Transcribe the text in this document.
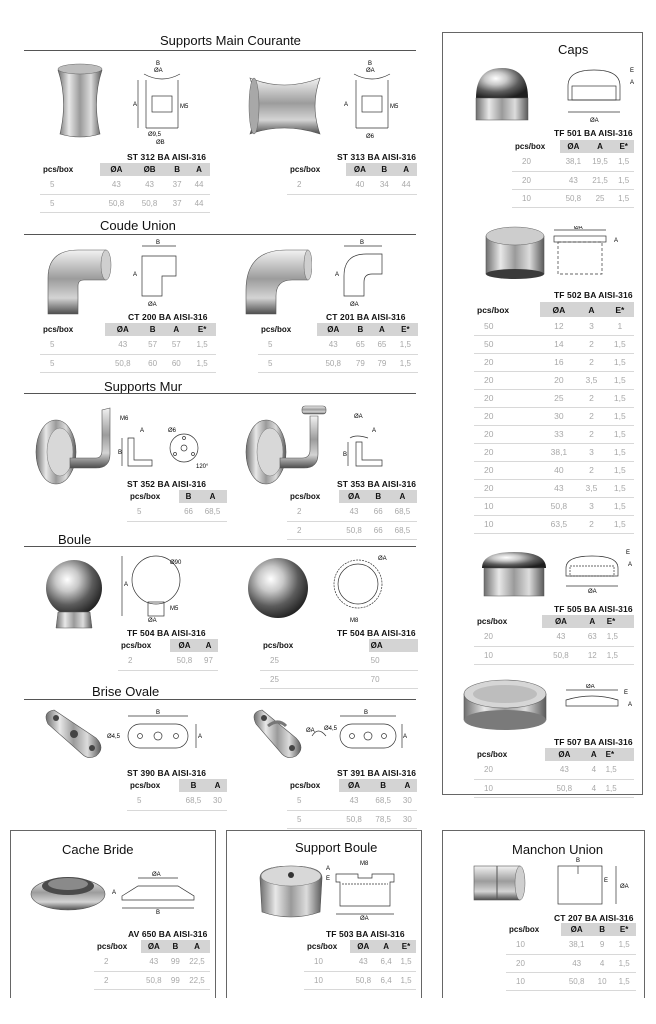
Supports Main Courante
Coude Union
Supports Mur
Boule
Brise Ovale
Caps
Cache Bride	Support Boule	Manchon Union
B
ØA
A	M5
Ø9,5
ØB
ST 312 BA AISI-316
pcs/box	ØA	ØB	B	A
5	43	43	37	44
5	50,8	50,8	37	44
B
ØA
A	M5
Ø6
ST 313 BA AISI-316
pcs/box	ØA	B	A
2	40	34	44
B
A
ØA
CT 200 BA AISI-316
pcs/box	ØA	B	A	E*
5	43	57	57	1,5
5	50,8	60	60	1,5
B
A
ØA
CT 201 BA AISI-316
pcs/box	ØA	B	A	E*
5	43	65	65	1,5
5	50,8	79	79	1,5
M6
A
B
Ø6
120°
ST 352 BA AISI-316
pcs/box	B	A
5	66	68,5
ØA
A
B
ST 353 BA AISI-316
pcs/box	ØA	B	A
2	43	66	68,5
2	50,8	66	68,5
Ø90
A
M5
ØA
TF 504 BA AISI-316
pcs/box	ØA	A
2	50,8	97
ØA
M8
TF 504 BA AISI-316
pcs/box	ØA
25	50
25	70
B
Ø4,5	A
ST 390 BA AISI-316
pcs/box	B	A
5	68,5	30
B
ØA Ø4,5
A
ST 391 BA AISI-316
pcs/box	ØA	B	A
5	43	68,5	30
5	50,8	78,5	30
E
A
ØA
TF 501 BA AISI-316
pcs/box	ØA	A	E*
20	38,1	19,5	1,5
20	43	21,5	1,5
10	50,8	25	1,5
ØA
A
TF 502 BA AISI-316
pcs/box	ØA	A	E*
50	12	3	1
50	14	2	1,5
20	16	2	1,5
20	20	3,5	1,5
20	25	2	1,5
20	30	2	1,5
20	33	2	1,5
20	38,1	3	1,5
20	40	2	1,5
20	43	3,5	1,5
10	50,8	3	1,5
10	63,5	2	1,5
E
A
ØA
TF 505 BA AISI-316
pcs/box	ØA	A	E*
20	43	63	1,5
10	50,8	12	1,5
ØA
E
A
TF 507 BA AISI-316
pcs/box	ØA	A	E*
20	43	4	1,5
10	50,8	4	1,5
ØA
A
B
AV 650 BA AISI-316
pcs/box	ØA	B	A
2	43	99	22,5
2	50,8	99	22,5
M8
A
E
ØA
TF 503 BA AISI-316
pcs/box	ØA	A	E*
10	43	6,4	1,5
10	50,8	6,4	1,5
B
E
ØA
CT 207 BA AISI-316
pcs/box	ØA	B	E*
10	38,1	9	1,5
20	43	4	1,5
10	50,8	10	1,5
